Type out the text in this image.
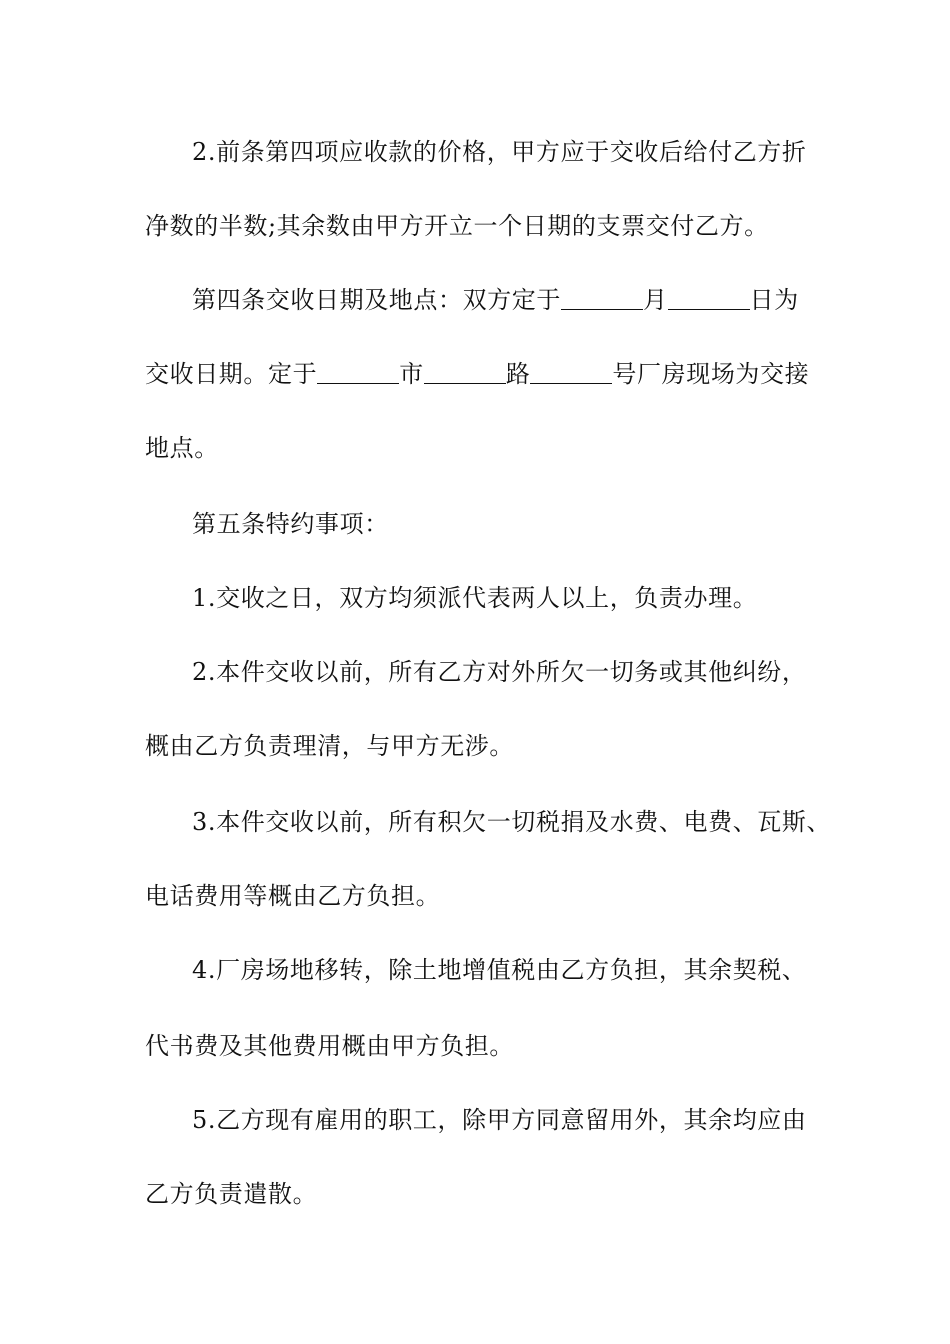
2.前条第四项应收款的价格，甲方应于交收后给付乙方折
净数的半数;其余数由甲方开立一个日期的支票交付乙方。
第四条交收日期及地点：双方定于	月	日为
交收日期。定于	市	路	号厂房现场为交接
地点。
第五条特约事项：
1.交收之日，双方均须派代表两人以上，负责办理。
2.本件交收以前，所有乙方对外所欠一切务或其他纠纷，
概由乙方负责理清，与甲方无涉。
3.本件交收以前，所有积欠一切税捐及水费、电费、瓦斯、
电话费用等概由乙方负担。
4.厂房场地移转，除土地增值税由乙方负担，其余契税、
代书费及其他费用概由甲方负担。
5.乙方现有雇用的职工，除甲方同意留用外，其余均应由
乙方负责遣散。
